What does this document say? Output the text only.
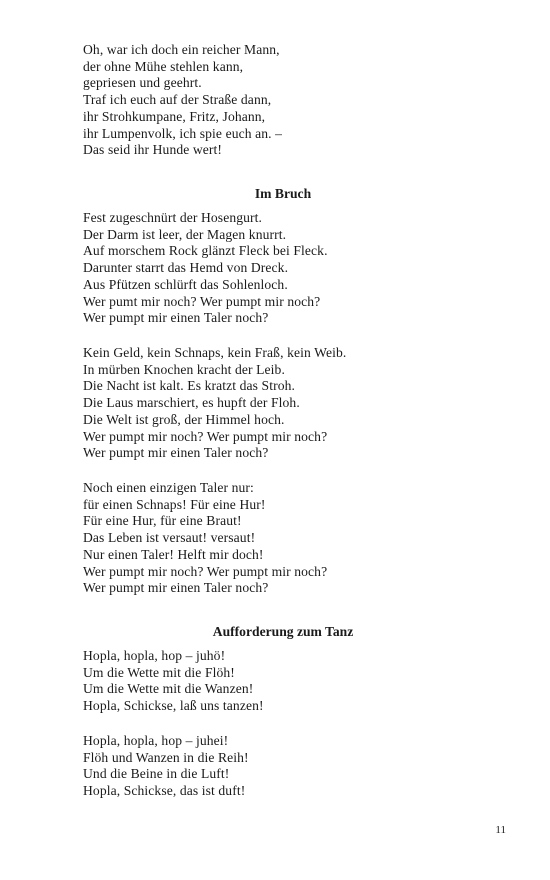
Oh, war ich doch ein reicher Mann,
der ohne Mühe stehlen kann,
gepriesen und geehrt.
Traf ich euch auf der Straße dann,
ihr Strohkumpane, Fritz, Johann,
ihr Lumpenvolk, ich spie euch an. –
Das seid ihr Hunde wert!
Im Bruch
Fest zugeschnürt der Hosengurt.
Der Darm ist leer, der Magen knurrt.
Auf morschem Rock glänzt Fleck bei Fleck.
Darunter starrt das Hemd von Dreck.
Aus Pfützen schlürft das Sohlenloch.
Wer pumt mir noch? Wer pumpt mir noch?
Wer pumpt mir einen Taler noch?
Kein Geld, kein Schnaps, kein Fraß, kein Weib.
In mürben Knochen kracht der Leib.
Die Nacht ist kalt. Es kratzt das Stroh.
Die Laus marschiert, es hupft der Floh.
Die Welt ist groß, der Himmel hoch.
Wer pumpt mir noch? Wer pumpt mir noch?
Wer pumpt mir einen Taler noch?
Noch einen einzigen Taler nur:
für einen Schnaps! Für eine Hur!
Für eine Hur, für eine Braut!
Das Leben ist versaut! versaut!
Nur einen Taler! Helft mir doch!
Wer pumpt mir noch? Wer pumpt mir noch?
Wer pumpt mir einen Taler noch?
Aufforderung zum Tanz
Hopla, hopla, hop – juhö!
Um die Wette mit die Flöh!
Um die Wette mit die Wanzen!
Hopla, Schickse, laß uns tanzen!
Hopla, hopla, hop – juhei!
Flöh und Wanzen in die Reih!
Und die Beine in die Luft!
Hopla, Schickse, das ist duft!
11
